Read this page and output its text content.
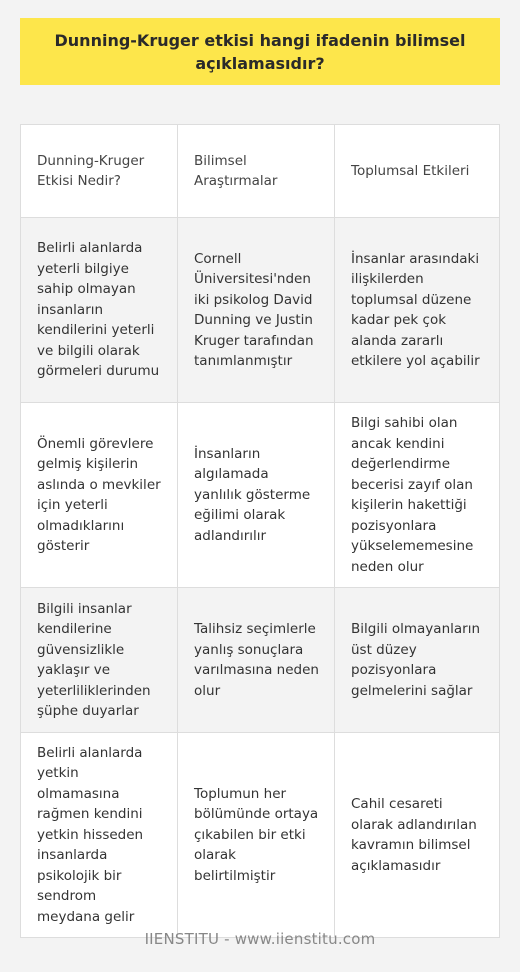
Dunning-Kruger etkisi hangi ifadenin bilimsel açıklamasıdır?
Dunning-Kruger Etkisi Nedir?
Bilimsel Araştırmalar
Toplumsal Etkileri
Belirli alanlarda yeterli bilgiye sahip olmayan insanların kendilerini yeterli ve bilgili olarak görmeleri durumu
Cornell Üniversitesi'nden iki psikolog David Dunning ve Justin Kruger tarafından tanımlanmıştır
İnsanlar arasındaki ilişkilerden toplumsal düzene kadar pek çok alanda zararlı etkilere yol açabilir
Önemli görevlere gelmiş kişilerin aslında o mevkiler için yeterli olmadıklarını gösterir
İnsanların algılamada yanlılık gösterme eğilimi olarak adlandırılır
Bilgi sahibi olan ancak kendini değerlendirme becerisi zayıf olan kişilerin hakettiği pozisyonlara yükselememesine neden olur
Bilgili insanlar kendilerine güvensizlikle yaklaşır ve yeterliliklerinden şüphe duyarlar
Talihsiz seçimlerle yanlış sonuçlara varılmasına neden olur
Bilgili olmayanların üst düzey pozisyonlara gelmelerini sağlar
Belirli alanlarda yetkin olmamasına rağmen kendini yetkin hisseden insanlarda psikolojik bir sendrom meydana gelir
Toplumun her bölümünde ortaya çıkabilen bir etki olarak belirtilmiştir
Cahil cesareti olarak adlandırılan kavramın bilimsel açıklamasıdır
IIENSTITU - www.iienstitu.com
